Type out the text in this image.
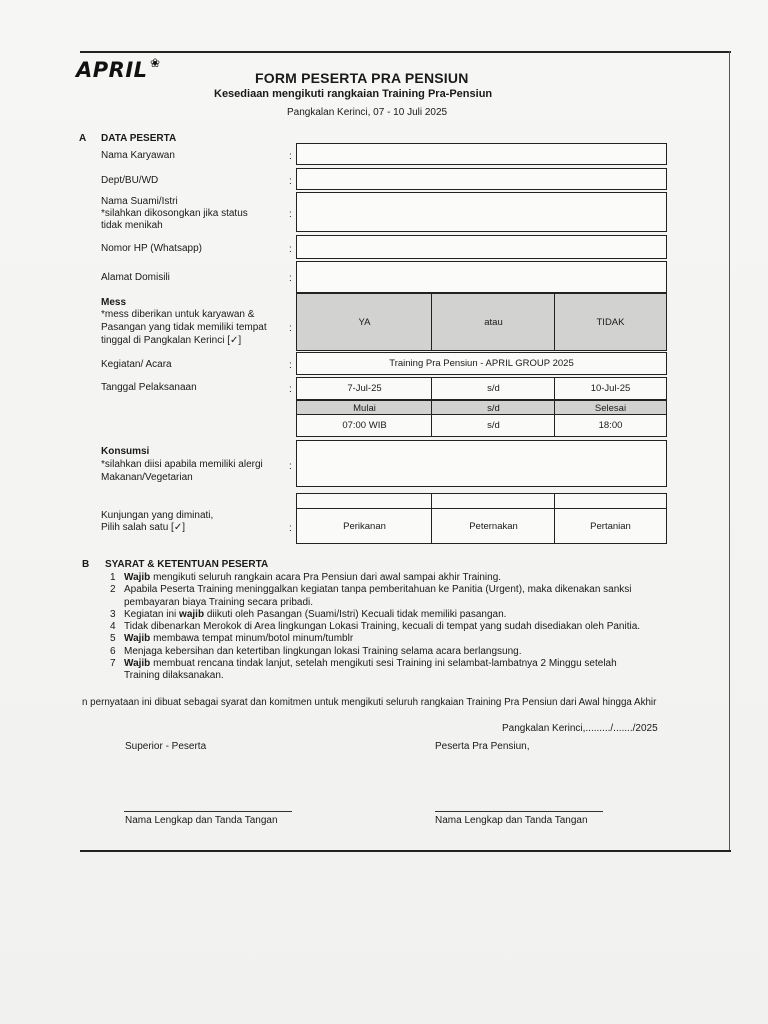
APRIL ❀
FORM PESERTA PRA PENSIUN
Kesediaan mengikuti rangkaian Training Pra-Pensiun
Pangkalan Kerinci, 07 - 10 Juli 2025
A DATA PESERTA
Nama Karyawan	:
Dept/BU/WD	:
Nama Suami/Istri
*silahkan dikosongkan jika status
tidak menikah
:
Nomor HP (Whatsapp)	:
Alamat Domisili	:
Mess
*mess diberikan untuk karyawan &
Pasangan yang tidak memiliki tempat
tinggal di Pangkalan Kerinci [✓]
:
YA	atau	TIDAK
Kegiatan/ Acara	:	Training Pra Pensiun - APRIL GROUP 2025
Tanggal Pelaksanaan	:	7-Jul-25	s/d	10-Jul-25
Mulai	s/d	Selesai
07:00 WIB	s/d	18:00
Konsumsi
*silahkan diisi apabila memiliki alergi
Makanan/Vegetarian
:
Kunjungan yang diminati,
Pilih salah satu [✓]	:	Perikanan	Peternakan	Pertanian
B SYARAT & KETENTUAN PESERTA
1 Wajib mengikuti seluruh rangkain acara Pra Pensiun dari awal sampai akhir Training.
2 Apabila Peserta Training meninggalkan kegiatan tanpa pemberitahuan ke Panitia (Urgent), maka dikenakan sanksi
pembayaran biaya Training secara pribadi.
3 Kegiatan ini wajib diikuti oleh Pasangan (Suami/Istri) Kecuali tidak memiliki pasangan.
4 Tidak dibenarkan Merokok di Area lingkungan Lokasi Training, kecuali di tempat yang sudah disediakan oleh Panitia.
5 Wajib membawa tempat minum/botol minum/tumblr
6 Menjaga kebersihan dan ketertiban lingkungan lokasi Training selama acara berlangsung.
7 Wajib membuat rencana tindak lanjut, setelah mengikuti sesi Training ini selambat-lambatnya 2 Minggu setelah
Training dilaksanakan.
n pernyataan ini dibuat sebagai syarat dan komitmen untuk mengikuti seluruh rangkaian Training Pra Pensiun dari Awal hingga Akhir
Pangkalan Kerinci,........./......./2025
Superior - Peserta	Peserta Pra Pensiun,
Nama Lengkap dan Tanda Tangan	Nama Lengkap dan Tanda Tangan
